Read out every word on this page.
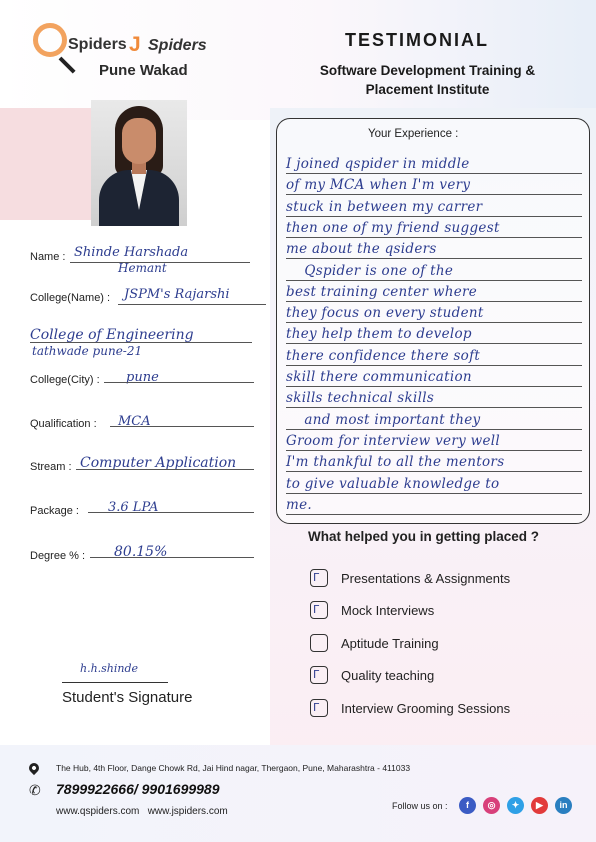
Spiders J Spiders
Pune Wakad
TESTIMONIAL
Software Development Training &
Placement Institute
Name : Shinde Harshada
Hemant
College(Name) : JSPM's Rajarshi
College of Engineering
tathwade pune-21
College(City) : pune
Qualification : MCA
Stream : Computer Application
Package : 3.6 LPA
Degree % : 80.15%
h.h.shinde
Student's Signature
Your Experience :
I joined qspider in middle
of my MCA when I'm very
stuck in between my carrer
then one of my friend suggest
me about the qsiders
Qspider is one of the
best training center where
they focus on every student
they help them to develop
there confidence there soft
skill there communication
skills technical skills
and most important they
Groom for interview very well
I'm thankful to all the mentors
to give valuable knowledge to
me.
What helped you in getting placed ?
Γ Presentations & Assignments
Γ Mock Interviews
Aptitude Training
Γ Quality teaching
Γ Interview Grooming Sessions
The Hub, 4th Floor, Dange Chowk Rd, Jai Hind nagar, Thergaon, Pune, Maharashtra - 411033
✆ 7899922666/ 9901699989
www.qspiders.com   www.jspiders.com	Follow us on :	f	◎	✦	▶	in
